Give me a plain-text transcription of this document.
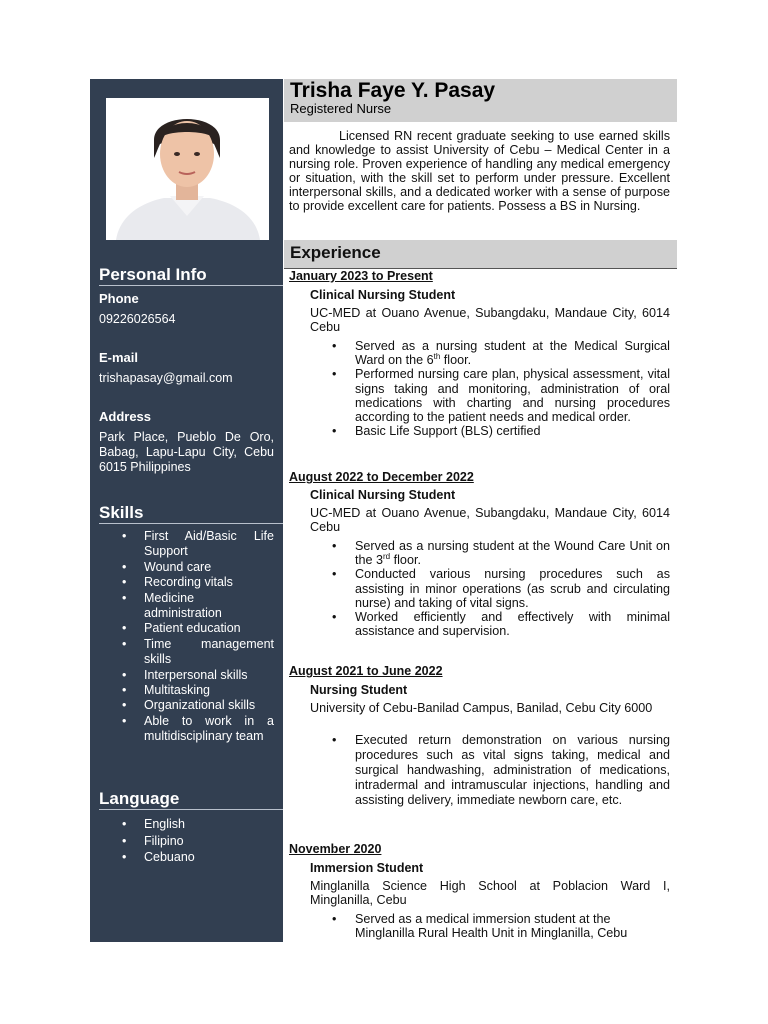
Personal Info
Phone
09226026564
E-mail
trishapasay@gmail.com
Address
Park Place, Pueblo De Oro, Babag, Lapu-Lapu City, Cebu 6015 Philippines
Skills
• First Aid/Basic Life Support
• Wound care
• Recording vitals
• Medicine administration
• Patient education
• Time management skills
• Interpersonal skills
• Multitasking
• Organizational skills
• Able to work in a multidisciplinary team
Language
• English
• Filipino
• Cebuano
Trisha Faye Y. Pasay
Registered Nurse
Licensed RN recent graduate seeking to use earned skills and knowledge to assist University of Cebu – Medical Center in a nursing role. Proven experience of handling any medical emergency or situation, with the skill set to perform under pressure. Excellent interpersonal skills, and a dedicated worker with a sense of purpose to provide excellent care for patients. Possess a BS in Nursing.
Experience
January 2023 to Present
Clinical Nursing Student
UC-MED at Ouano Avenue, Subangdaku, Mandaue City, 6014 Cebu
• Served as a nursing student at the Medical Surgical Ward on the 6th floor.
• Performed nursing care plan, physical assessment, vital signs taking and monitoring, administration of oral medications with charting and nursing procedures according to the patient needs and medical order.
• Basic Life Support (BLS) certified
August 2022 to December 2022
Clinical Nursing Student
UC-MED at Ouano Avenue, Subangdaku, Mandaue City, 6014 Cebu
• Served as a nursing student at the Wound Care Unit on the 3rd floor.
• Conducted various nursing procedures such as assisting in minor operations (as scrub and circulating nurse) and taking of vital signs.
• Worked efficiently and effectively with minimal assistance and supervision.
August 2021 to June 2022
Nursing Student
University of Cebu-Banilad Campus, Banilad, Cebu City 6000
• Executed return demonstration on various nursing procedures such as vital signs taking, medical and surgical handwashing, administration of medications, intradermal and intramuscular injections, handling and assisting delivery, immediate newborn care, etc.
November 2020
Immersion Student
Minglanilla Science High School at Poblacion Ward I, Minglanilla, Cebu
• Served as a medical immersion student at the Minglanilla Rural Health Unit in Minglanilla, Cebu
